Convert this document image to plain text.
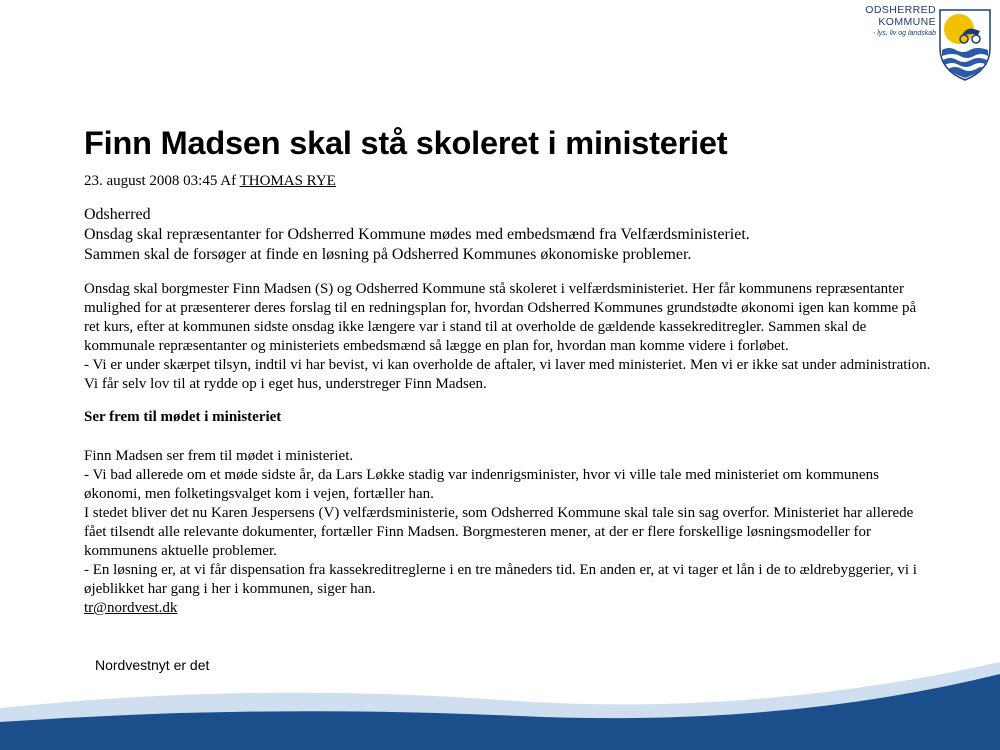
ODSHERRED
KOMMUNE
- lys, liv og landskab
Finn Madsen skal stå skoleret i ministeriet
23. august 2008 03:45 Af THOMAS RYE

Odsherred

Onsdag skal repræsentanter for Odsherred Kommune mødes med embedsmænd fra Velfærdsministeriet.

Sammen skal de forsøger at finde en løsning på Odsherred Kommunes økonomiske problemer.

Onsdag skal borgmester Finn Madsen (S) og Odsherred Kommune stå skoleret i velfærdsministeriet. Her får kommunens repræsentanter mulighed for at præsenterer deres forslag til en redningsplan for, hvordan Odsherred Kommunes grundstødte økonomi igen kan komme på ret kurs, efter at kommunen sidste onsdag ikke længere var i stand til at overholde de gældende kassekreditregler. Sammen skal de kommunale repræsentanter og ministeriets embedsmænd så lægge en plan for, hvordan man komme videre i forløbet.

- Vi er under skærpet tilsyn, indtil vi har bevist, vi kan overholde de aftaler, vi laver med ministeriet. Men vi er ikke sat under administration. Vi får selv lov til at rydde op i eget hus, understreger Finn Madsen.

Ser frem til mødet i ministeriet

Finn Madsen ser frem til mødet i ministeriet.

- Vi bad allerede om et møde sidste år, da Lars Løkke stadig var indenrigsminister, hvor vi ville tale med ministeriet om kommunens økonomi, men folketingsvalget kom i vejen, fortæller han.

I stedet bliver det nu Karen Jespersens (V) velfærdsministerie, som Odsherred Kommune skal tale sin sag overfor. Ministeriet har allerede fået tilsendt alle relevante dokumenter, fortæller Finn Madsen. Borgmesteren mener, at der er flere forskellige løsningsmodeller for kommunens aktuelle problemer.

- En løsning er, at vi får dispensation fra kassekreditreglerne i en tre måneders tid. En anden er, at vi tager et lån i de to ældrebyggerier, vi i øjeblikket har gang i her i kommunen, siger han.

tr@nordvest.dk
Nordvestnyt er det
